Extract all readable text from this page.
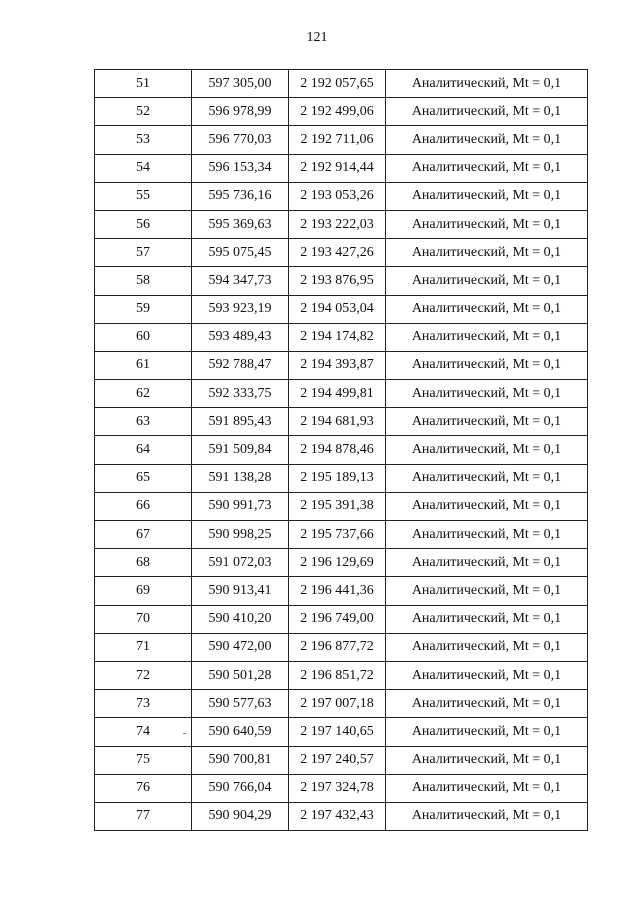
121
51	597 305,00	2 192 057,65	Аналитический, Mt = 0,1
52	596 978,99	2 192 499,06	Аналитический, Mt = 0,1
53	596 770,03	2 192 711,06	Аналитический, Mt = 0,1
54	596 153,34	2 192 914,44	Аналитический, Mt = 0,1
55	595 736,16	2 193 053,26	Аналитический, Mt = 0,1
56	595 369,63	2 193 222,03	Аналитический, Mt = 0,1
57	595 075,45	2 193 427,26	Аналитический, Mt = 0,1
58	594 347,73	2 193 876,95	Аналитический, Mt = 0,1
59	593 923,19	2 194 053,04	Аналитический, Mt = 0,1
60	593 489,43	2 194 174,82	Аналитический, Mt = 0,1
61	592 788,47	2 194 393,87	Аналитический, Mt = 0,1
62	592 333,75	2 194 499,81	Аналитический, Mt = 0,1
63	591 895,43	2 194 681,93	Аналитический, Mt = 0,1
64	591 509,84	2 194 878,46	Аналитический, Mt = 0,1
65	591 138,28	2 195 189,13	Аналитический, Mt = 0,1
66	590 991,73	2 195 391,38	Аналитический, Mt = 0,1
67	590 998,25	2 195 737,66	Аналитический, Mt = 0,1
68	591 072,03	2 196 129,69	Аналитический, Mt = 0,1
69	590 913,41	2 196 441,36	Аналитический, Mt = 0,1
70	590 410,20	2 196 749,00	Аналитический, Mt = 0,1
71	590 472,00	2 196 877,72	Аналитический, Mt = 0,1
72	590 501,28	2 196 851,72	Аналитический, Mt = 0,1
73	590 577,63	2 197 007,18	Аналитический, Mt = 0,1
74	590 640,59	2 197 140,65	Аналитический, Mt = 0,1
75	590 700,81	2 197 240,57	Аналитический, Mt = 0,1
76	590 766,04	2 197 324,78	Аналитический, Mt = 0,1
77	590 904,29	2 197 432,43	Аналитический, Mt = 0,1
